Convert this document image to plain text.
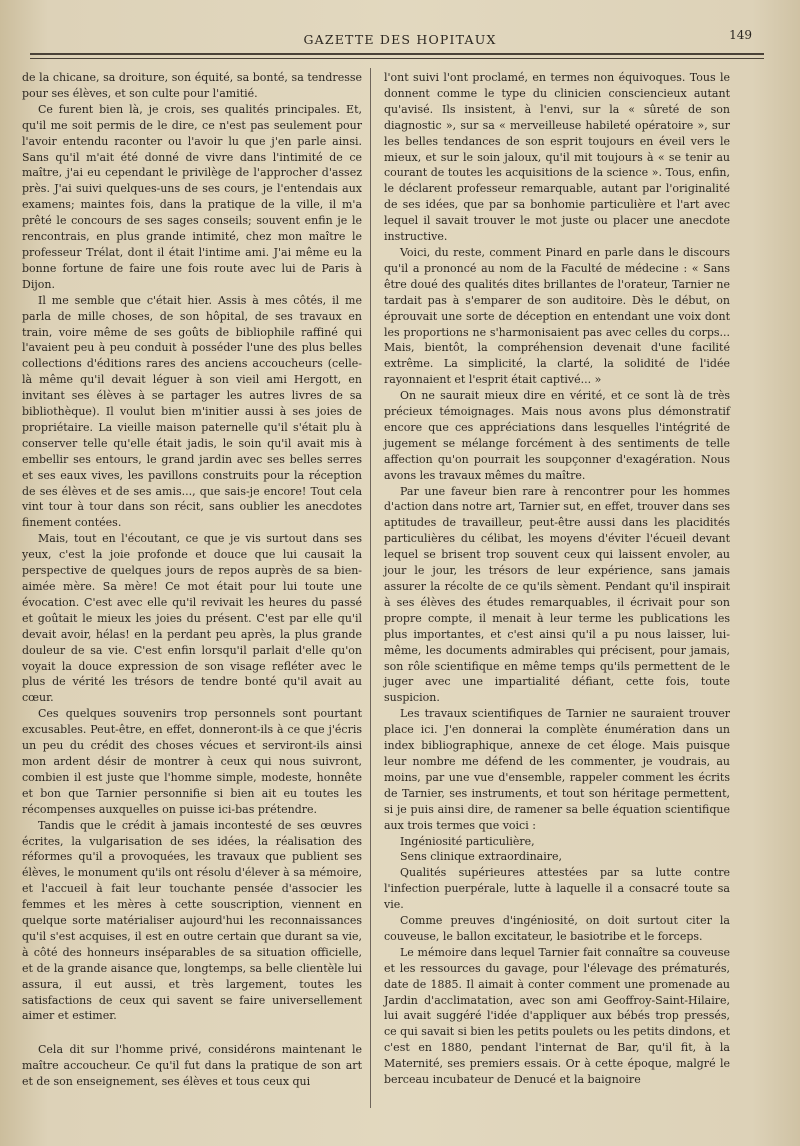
GAZETTE DES HOPITAUX	149

de la chicane, sa droiture, son équité, sa bonté, sa tendresse pour ses élèves, et son culte pour l'amitié.

Ce furent bien là, je crois, ses qualités principales. Et, qu'il me soit permis de le dire, ce n'est pas seulement pour l'avoir entendu raconter ou l'avoir lu que j'en parle ainsi. Sans qu'il m'ait été donné de vivre dans l'intimité de ce maître, j'ai eu cependant le privilège de l'approcher d'assez près. J'ai suivi quelques-uns de ses cours, je l'entendais aux examens; maintes fois, dans la pratique de la ville, il m'a prêté le concours de ses sages conseils; souvent enfin je le rencontrais, en plus grande intimité, chez mon maître le professeur Trélat, dont il était l'intime ami. J'ai même eu la bonne fortune de faire une fois route avec lui de Paris à Dijon.

Il me semble que c'était hier. Assis à mes côtés, il me parla de mille choses, de son hôpital, de ses travaux en train, voire même de ses goûts de bibliophile raffiné qui l'avaient peu à peu conduit à posséder l'une des plus belles collections d'éditions rares des anciens accoucheurs (celle-là même qu'il devait léguer à son vieil ami Hergott, en invitant ses élèves à se partager les autres livres de sa bibliothèque). Il voulut bien m'initier aussi à ses joies de propriétaire. La vieille maison paternelle qu'il s'était plu à conserver telle qu'elle était jadis, le soin qu'il avait mis à embellir ses entours, le grand jardin avec ses belles serres et ses eaux vives, les pavillons construits pour la réception de ses élèves et de ses amis..., que sais-je encore! Tout cela vint tour à tour dans son récit, sans oublier les anecdotes finement contées.

Mais, tout en l'écoutant, ce que je vis surtout dans ses yeux, c'est la joie profonde et douce que lui causait la perspective de quelques jours de repos auprès de sa bien-aimée mère. Sa mère! Ce mot était pour lui toute une évocation. C'est avec elle qu'il revivait les heures du passé et goûtait le mieux les joies du présent. C'est par elle qu'il devait avoir, hélas! en la perdant peu après, la plus grande douleur de sa vie. C'est enfin lorsqu'il parlait d'elle qu'on voyait la douce expression de son visage refléter avec le plus de vérité les trésors de tendre bonté qu'il avait au cœur.

Ces quelques souvenirs trop personnels sont pourtant excusables. Peut-être, en effet, donneront-ils à ce que j'écris un peu du crédit des choses vécues et serviront-ils ainsi mon ardent désir de montrer à ceux qui nous suivront, combien il est juste que l'homme simple, modeste, honnête et bon que Tarnier personnifie si bien ait eu toutes les récompenses auxquelles on puisse ici-bas prétendre.

Tandis que le crédit à jamais incontesté de ses œuvres écrites, la vulgarisation de ses idées, la réalisation des réformes qu'il a provoquées, les travaux que publient ses élèves, le monument qu'ils ont résolu d'élever à sa mémoire, et l'accueil à fait leur touchante pensée d'associer les femmes et les mères à cette souscription, viennent en quelque sorte matérialiser aujourd'hui les reconnaissances qu'il s'est acquises, il est en outre certain que durant sa vie, à côté des honneurs inséparables de sa situation officielle, et de la grande aisance que, longtemps, sa belle clientèle lui assura, il eut aussi, et très largement, toutes les satisfactions de ceux qui savent se faire universellement aimer et estimer.

Cela dit sur l'homme privé, considérons maintenant le maître accoucheur. Ce qu'il fut dans la pratique de son art et de son enseignement, ses élèves et tous ceux qui

l'ont suivi l'ont proclamé, en termes non équivoques. Tous le donnent comme le type du clinicien consciencieux autant qu'avisé. Ils insistent, à l'envi, sur la « sûreté de son diagnostic », sur sa « merveilleuse habileté opératoire », sur les belles tendances de son esprit toujours en éveil vers le mieux, et sur le soin jaloux, qu'il mit toujours à « se tenir au courant de toutes les acquisitions de la science ». Tous, enfin, le déclarent professeur remarquable, autant par l'originalité de ses idées, que par sa bonhomie particulière et l'art avec lequel il savait trouver le mot juste ou placer une anecdote instructive.

Voici, du reste, comment Pinard en parle dans le discours qu'il a prononcé au nom de la Faculté de médecine : « Sans être doué des qualités dites brillantes de l'orateur, Tarnier ne tardait pas à s'emparer de son auditoire. Dès le début, on éprouvait une sorte de déception en entendant une voix dont les proportions ne s'harmonisaient pas avec celles du corps... Mais, bientôt, la compréhension devenait d'une facilité extrême. La simplicité, la clarté, la solidité de l'idée rayonnaient et l'esprit était captivé... »

On ne saurait mieux dire en vérité, et ce sont là de très précieux témoignages. Mais nous avons plus démonstratif encore que ces appréciations dans lesquelles l'intégrité de jugement se mélange forcément à des sentiments de telle affection qu'on pourrait les soupçonner d'exagération. Nous avons les travaux mêmes du maître.

Par une faveur bien rare à rencontrer pour les hommes d'action dans notre art, Tarnier sut, en effet, trouver dans ses aptitudes de travailleur, peut-être aussi dans les placidités particulières du célibat, les moyens d'éviter l'écueil devant lequel se brisent trop souvent ceux qui laissent envoler, au jour le jour, les trésors de leur expérience, sans jamais assurer la récolte de ce qu'ils sèment. Pendant qu'il inspirait à ses élèves des études remarquables, il écrivait pour son propre compte, il menait à leur terme les publications les plus importantes, et c'est ainsi qu'il a pu nous laisser, lui-même, les documents admirables qui précisent, pour jamais, son rôle scientifique en même temps qu'ils permettent de le juger avec une impartialité défiant, cette fois, toute suspicion.

Les travaux scientifiques de Tarnier ne sauraient trouver place ici. J'en donnerai la complète énumération dans un index bibliographique, annexe de cet éloge. Mais puisque leur nombre me défend de les commenter, je voudrais, au moins, par une vue d'ensemble, rappeler comment les écrits de Tarnier, ses instruments, et tout son héritage permettent, si je puis ainsi dire, de ramener sa belle équation scientifique aux trois termes que voici :

Ingéniosité particulière,

Sens clinique extraordinaire,

Qualités supérieures attestées par sa lutte contre l'infection puerpérale, lutte à laquelle il a consacré toute sa vie.

Comme preuves d'ingéniosité, on doit surtout citer la couveuse, le ballon excitateur, le basiotribe et le forceps.

Le mémoire dans lequel Tarnier fait connaître sa couveuse et les ressources du gavage, pour l'élevage des prématurés, date de 1885. Il aimait à conter comment une promenade au Jardin d'acclimatation, avec son ami Geoffroy-Saint-Hilaire, lui avait suggéré l'idée d'appliquer aux bébés trop pressés, ce qui savait si bien les petits poulets ou les petits dindons, et c'est en 1880, pendant l'internat de Bar, qu'il fit, à la Maternité, ses premiers essais. Or à cette époque, malgré le berceau incubateur de Denucé et la baignoire
